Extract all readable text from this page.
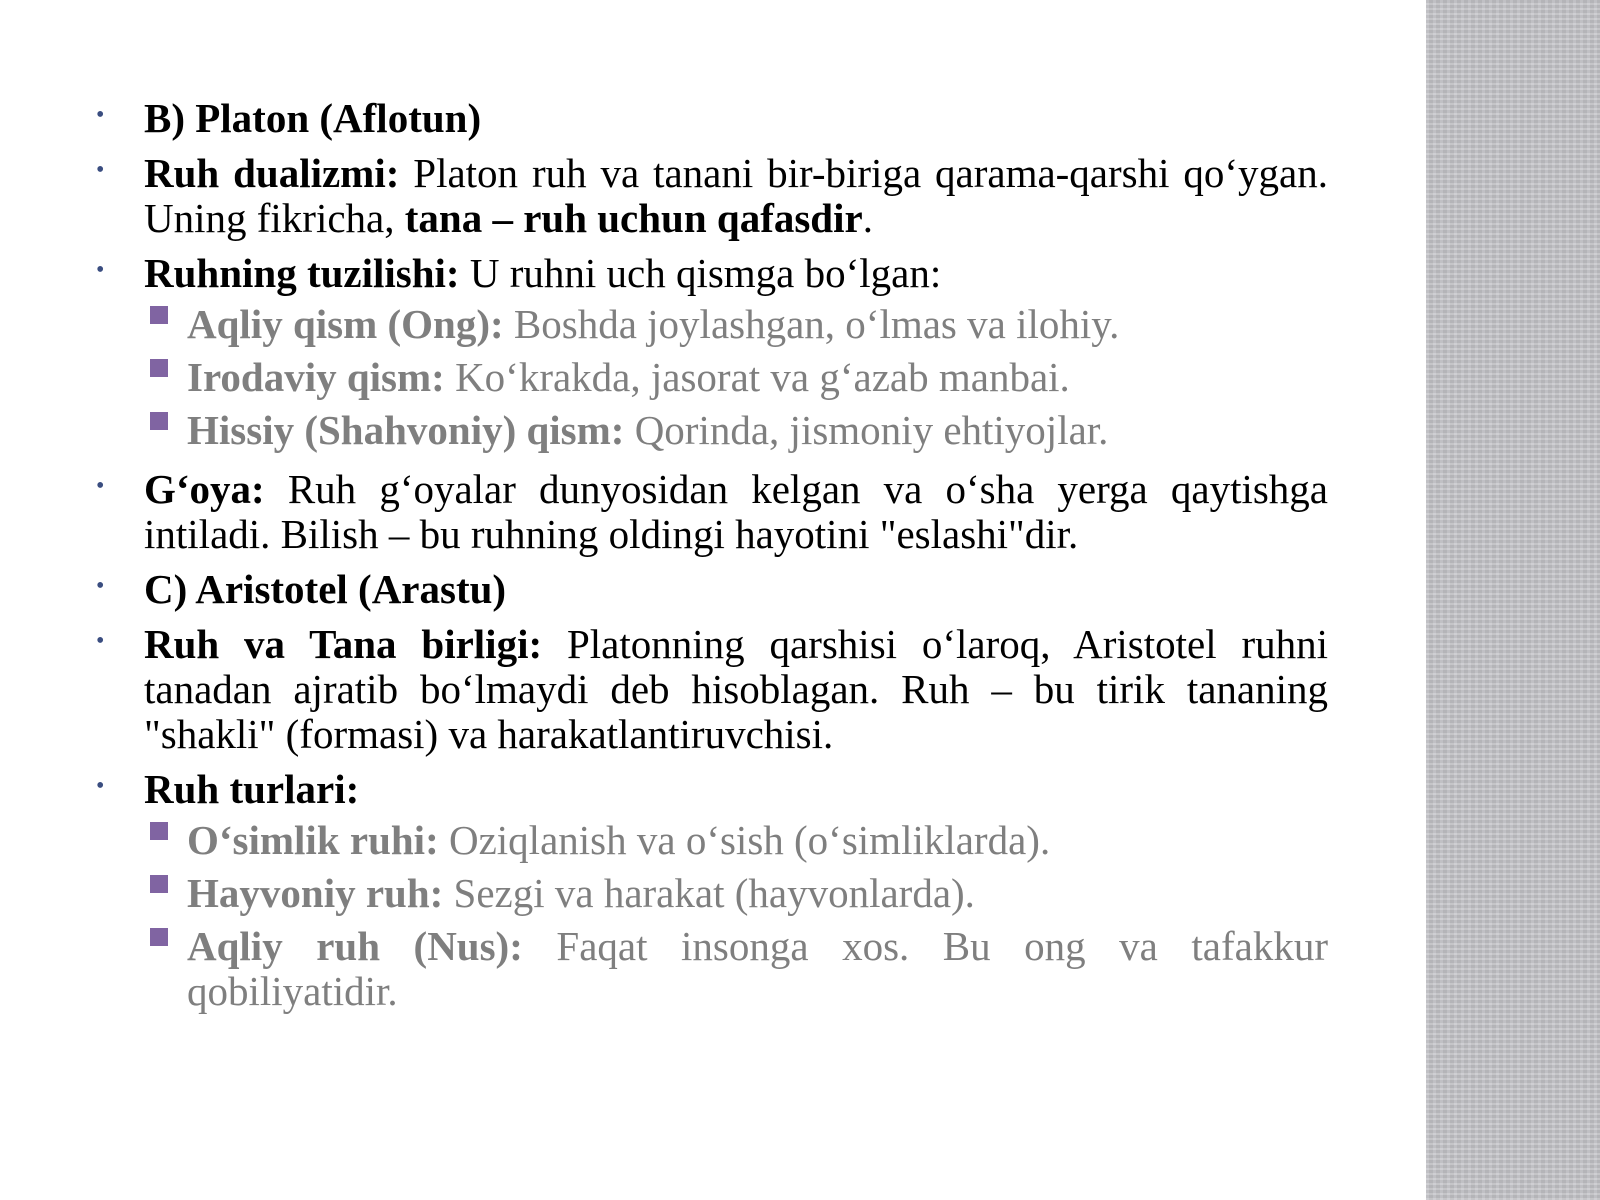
• B) Platon (Aflotun)
• Ruh dualizmi: Platon ruh va tanani bir-biriga qarama-qarshi qo‘ygan. Uning fikricha, tana – ruh uchun qafasdir.
• Ruhning tuzilishi: U ruhni uch qismga bo‘lgan:
Aqliy qism (Ong): Boshda joylashgan, o‘lmas va ilohiy.
Irodaviy qism: Ko‘krakda, jasorat va g‘azab manbai.
Hissiy (Shahvoniy) qism: Qorinda, jismoniy ehtiyojlar.
• G‘oya: Ruh g‘oyalar dunyosidan kelgan va o‘sha yerga qaytishga intiladi. Bilish – bu ruhning oldingi hayotini "eslashi"dir.
• C) Aristotel (Arastu)
• Ruh va Tana birligi: Platonning qarshisi o‘laroq, Aristotel ruhni tanadan ajratib bo‘lmaydi deb hisoblagan. Ruh – bu tirik tananing "shakli" (formasi) va harakatlantiruvchisi.
• Ruh turlari:
O‘simlik ruhi: Oziqlanish va o‘sish (o‘simliklarda).
Hayvoniy ruh: Sezgi va harakat (hayvonlarda).
Aqliy ruh (Nus): Faqat insonga xos. Bu ong va tafakkur qobiliyatidir.
